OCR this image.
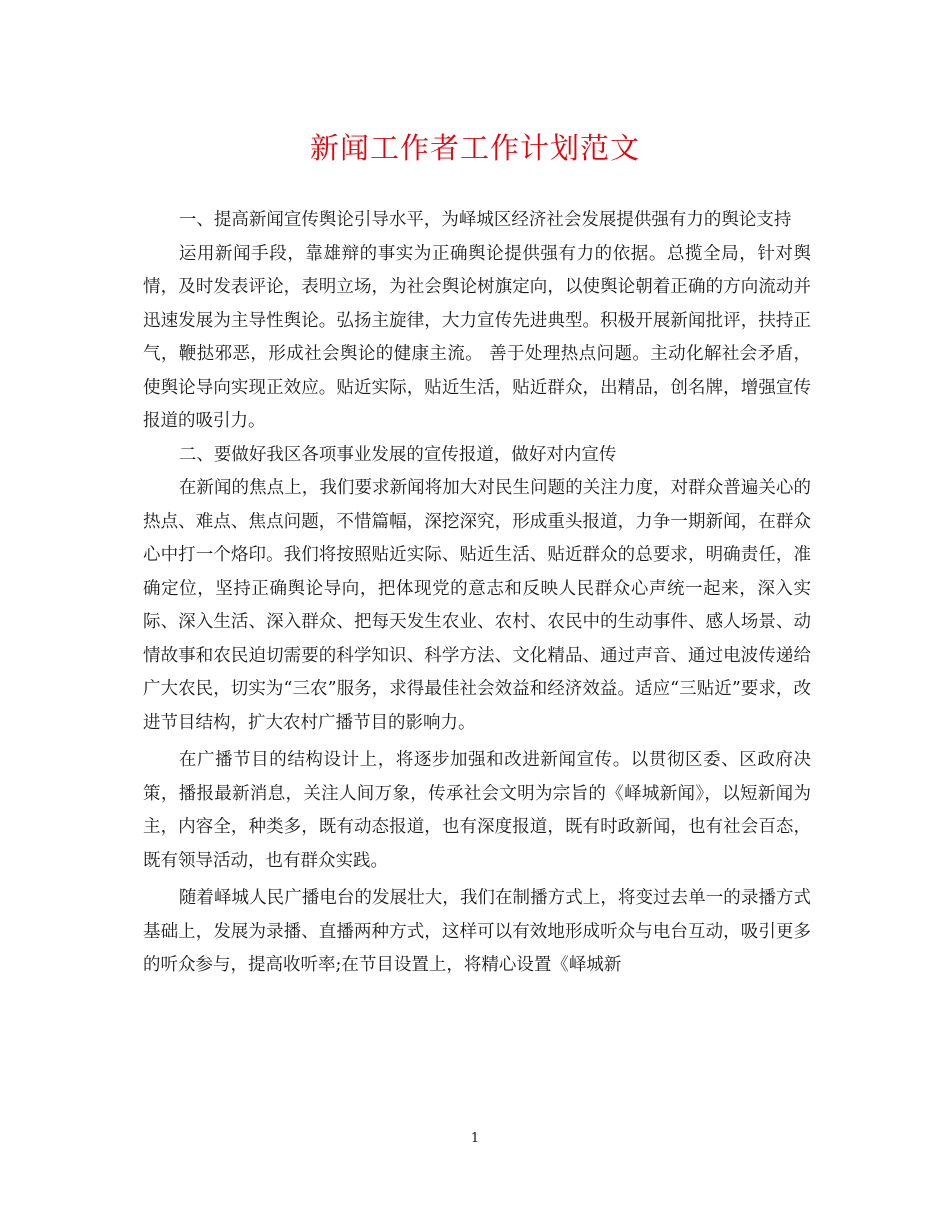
新闻工作者工作计划范文

一、提高新闻宣传舆论引导水平，为峄城区经济社会发展提供强有力的舆论支持

运用新闻手段，靠雄辩的事实为正确舆论提供强有力的依据。总揽全局，针对舆情，及时发表评论，表明立场，为社会舆论树旗定向，以使舆论朝着正确的方向流动并迅速发展为主导性舆论。弘扬主旋律，大力宣传先进典型。积极开展新闻批评，扶持正气，鞭挞邪恶，形成社会舆论的健康主流。 善于处理热点问题。主动化解社会矛盾，使舆论导向实现正效应。贴近实际，贴近生活，贴近群众，出精品，创名牌，增强宣传报道的吸引力。

二、要做好我区各项事业发展的宣传报道，做好对内宣传

在新闻的焦点上，我们要求新闻将加大对民生问题的关注力度，对群众普遍关心的热点、难点、焦点问题，不惜篇幅，深挖深究，形成重头报道，力争一期新闻，在群众心中打一个烙印。我们将按照贴近实际、贴近生活、贴近群众的总要求，明确责任，准确定位，坚持正确舆论导向，把体现党的意志和反映人民群众心声统一起来，深入实际、深入生活、深入群众、把每天发生农业、农村、农民中的生动事件、感人场景、动情故事和农民迫切需要的科学知识、科学方法、文化精品、通过声音、通过电波传递给广大农民，切实为“三农”服务，求得最佳社会效益和经济效益。适应“三贴近”要求，改进节目结构，扩大农村广播节目的影响力。

在广播节目的结构设计上，将逐步加强和改进新闻宣传。以贯彻区委、区政府决策，播报最新消息，关注人间万象，传承社会文明为宗旨的《峄城新闻》，以短新闻为主，内容全，种类多，既有动态报道，也有深度报道，既有时政新闻，也有社会百态，既有领导活动，也有群众实践。

随着峄城人民广播电台的发展壮大，我们在制播方式上，将变过去单一的录播方式基础上，发展为录播、直播两种方式，这样可以有效地形成听众与电台互动，吸引更多的听众参与，提高收听率;在节目设置上，将精心设置《峄城新

1
